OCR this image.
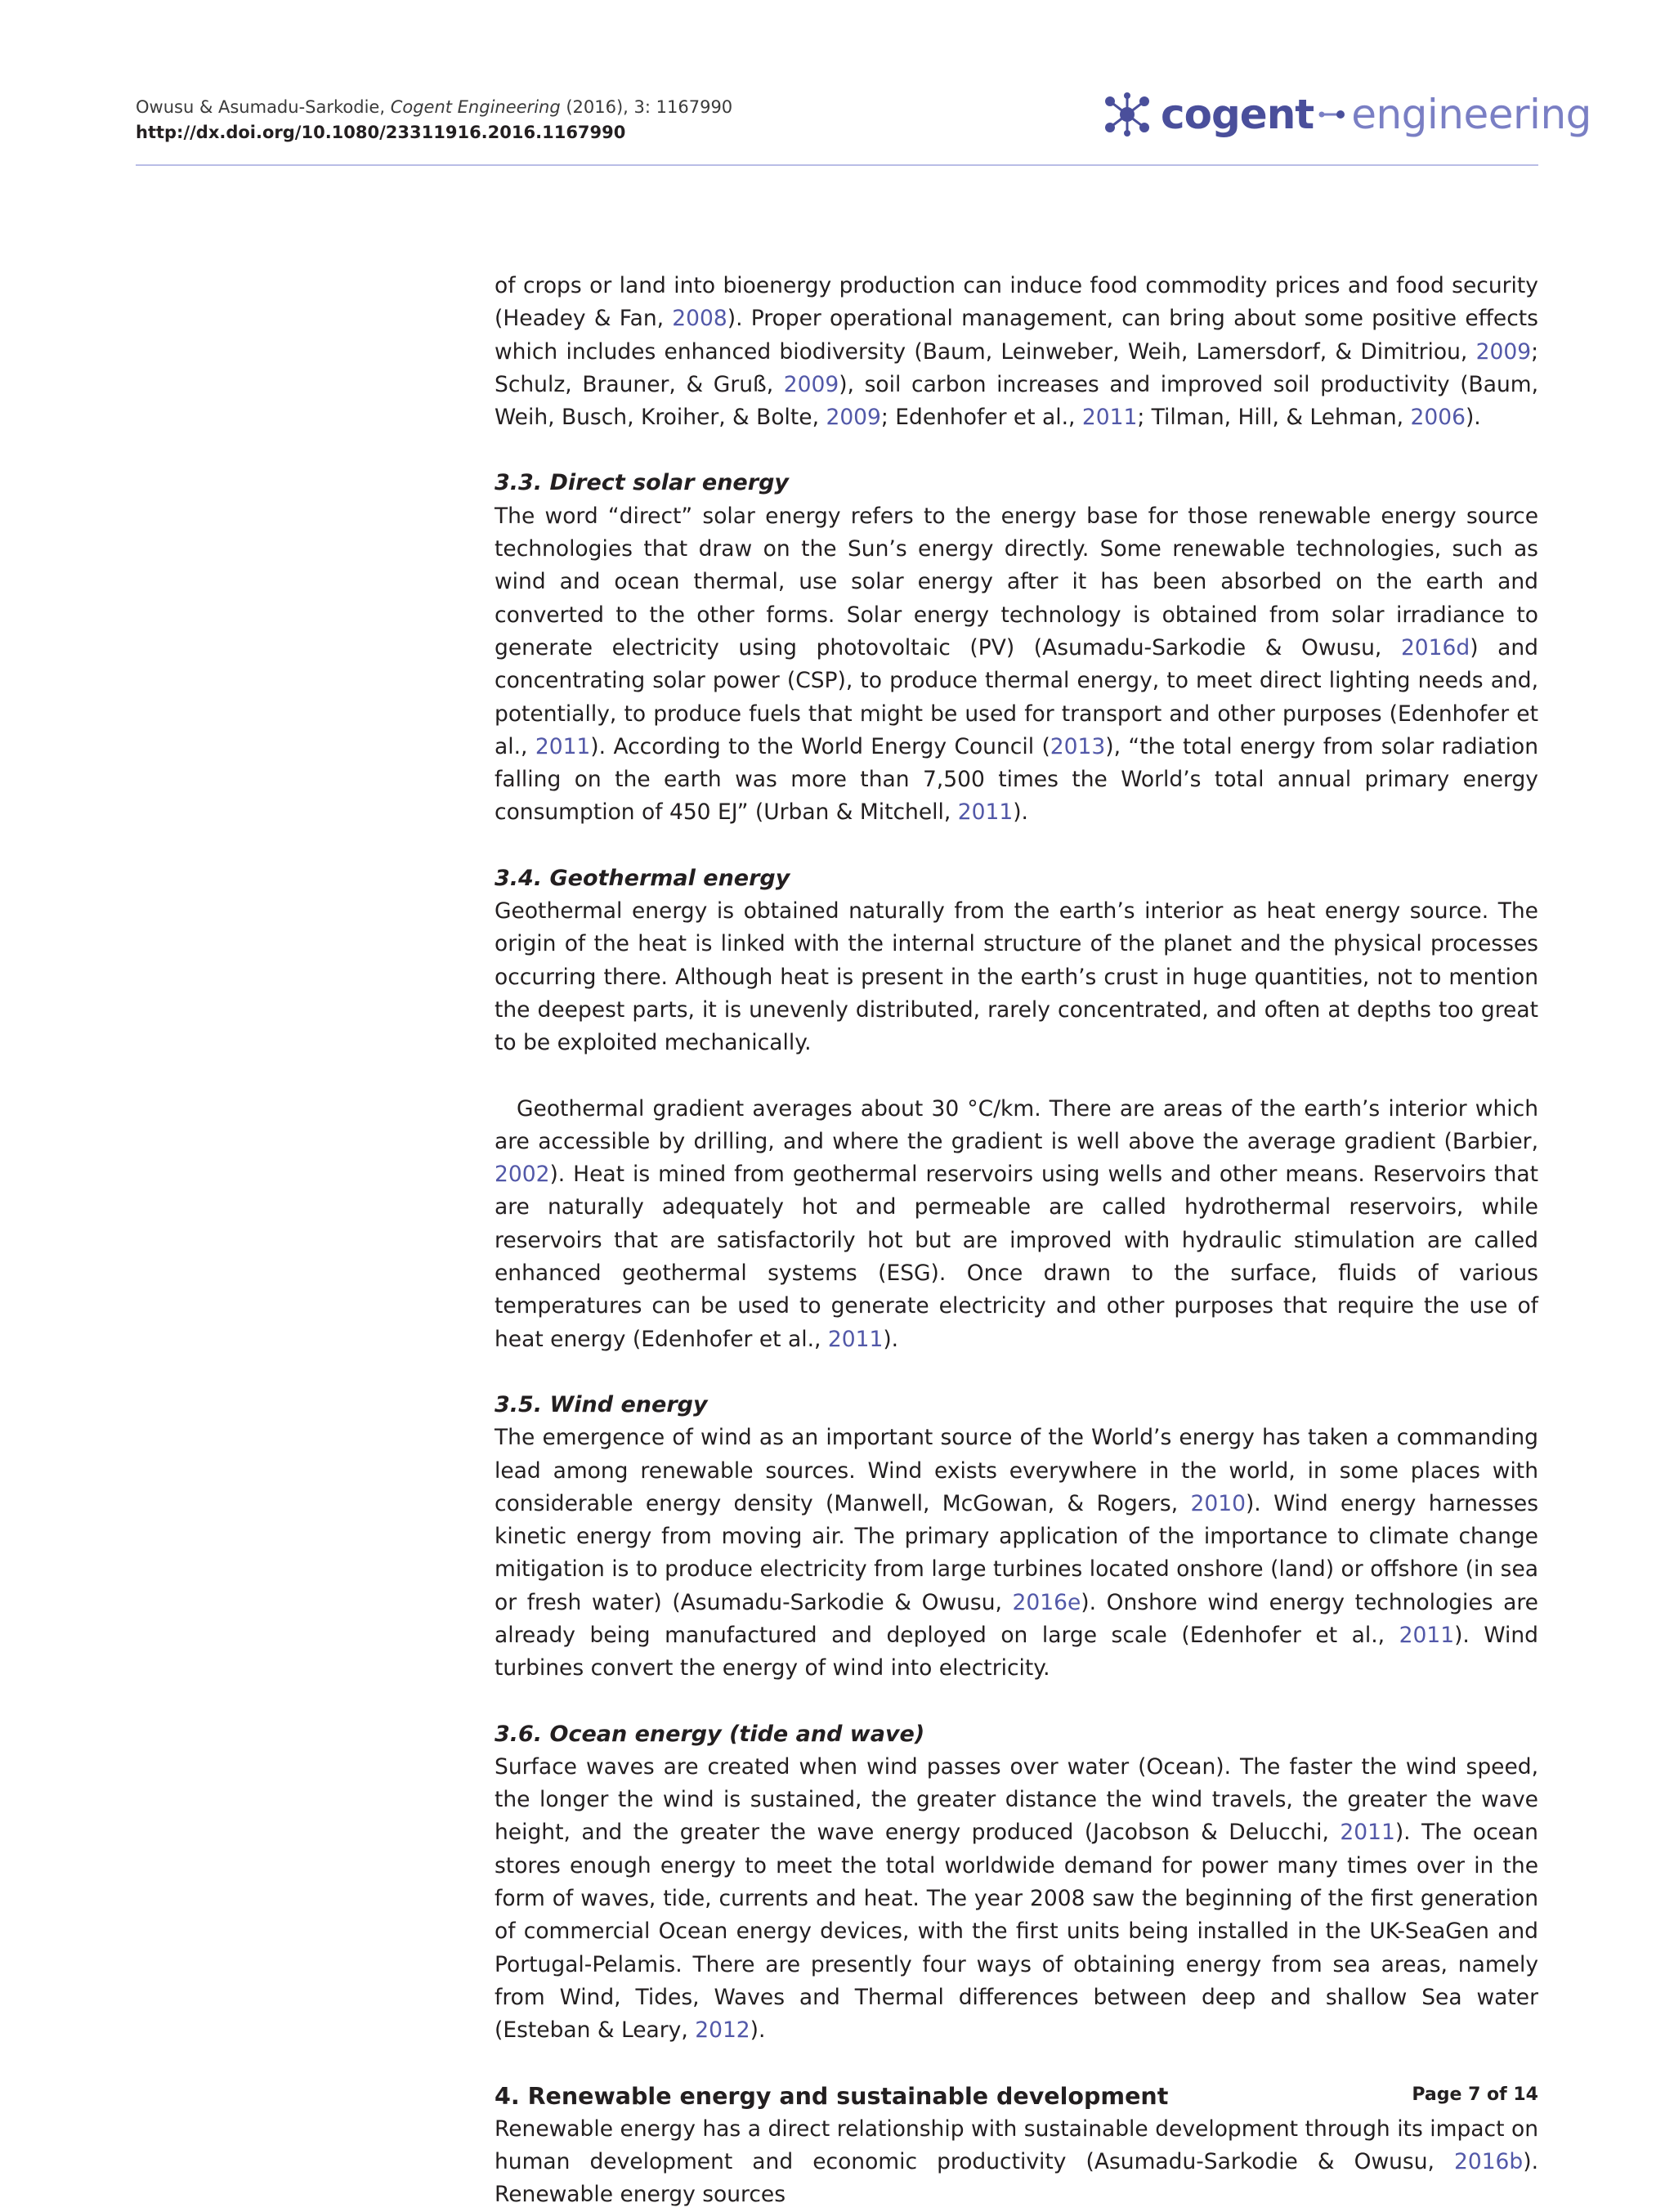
Owusu & Asumadu-Sarkodie, Cogent Engineering (2016), 3: 1167990
http://dx.doi.org/10.1080/23311916.2016.1167990	cogent engineering

of crops or land into bioenergy production can induce food commodity prices and food security (Headey & Fan, 2008). Proper operational management, can bring about some positive effects which includes enhanced biodiversity (Baum, Leinweber, Weih, Lamersdorf, & Dimitriou, 2009; Schulz, Brauner, & Gruß, 2009), soil carbon increases and improved soil productivity (Baum, Weih, Busch, Kroiher, & Bolte, 2009; Edenhofer et al., 2011; Tilman, Hill, & Lehman, 2006).

3.3. Direct solar energy

The word “direct” solar energy refers to the energy base for those renewable energy source technologies that draw on the Sun’s energy directly. Some renewable technologies, such as wind and ocean thermal, use solar energy after it has been absorbed on the earth and converted to the other forms. Solar energy technology is obtained from solar irradiance to generate electricity using photovoltaic (PV) (Asumadu-Sarkodie & Owusu, 2016d) and concentrating solar power (CSP), to produce thermal energy, to meet direct lighting needs and, potentially, to produce fuels that might be used for transport and other purposes (Edenhofer et al., 2011). According to the World Energy Council (2013), “the total energy from solar radiation falling on the earth was more than 7,500 times the World’s total annual primary energy consumption of 450 EJ” (Urban & Mitchell, 2011).

3.4. Geothermal energy

Geothermal energy is obtained naturally from the earth’s interior as heat energy source. The origin of the heat is linked with the internal structure of the planet and the physical processes occurring there. Although heat is present in the earth’s crust in huge quantities, not to mention the deepest parts, it is unevenly distributed, rarely concentrated, and often at depths too great to be exploited mechanically.

Geothermal gradient averages about 30 °C/km. There are areas of the earth’s interior which are accessible by drilling, and where the gradient is well above the average gradient (Barbier, 2002). Heat is mined from geothermal reservoirs using wells and other means. Reservoirs that are naturally adequately hot and permeable are called hydrothermal reservoirs, while reservoirs that are satisfactorily hot but are improved with hydraulic stimulation are called enhanced geothermal systems (ESG). Once drawn to the surface, fluids of various temperatures can be used to generate electricity and other purposes that require the use of heat energy (Edenhofer et al., 2011).

3.5. Wind energy

The emergence of wind as an important source of the World’s energy has taken a commanding lead among renewable sources. Wind exists everywhere in the world, in some places with considerable energy density (Manwell, McGowan, & Rogers, 2010). Wind energy harnesses kinetic energy from moving air. The primary application of the importance to climate change mitigation is to produce electricity from large turbines located onshore (land) or offshore (in sea or fresh water) (Asumadu-Sarkodie & Owusu, 2016e). Onshore wind energy technologies are already being manufactured and deployed on large scale (Edenhofer et al., 2011). Wind turbines convert the energy of wind into electricity.

3.6. Ocean energy (tide and wave)

Surface waves are created when wind passes over water (Ocean). The faster the wind speed, the longer the wind is sustained, the greater distance the wind travels, the greater the wave height, and the greater the wave energy produced (Jacobson & Delucchi, 2011). The ocean stores enough energy to meet the total worldwide demand for power many times over in the form of waves, tide, currents and heat. The year 2008 saw the beginning of the first generation of commercial Ocean energy devices, with the first units being installed in the UK-SeaGen and Portugal-Pelamis. There are presently four ways of obtaining energy from sea areas, namely from Wind, Tides, Waves and Thermal differences between deep and shallow Sea water (Esteban & Leary, 2012).

4. Renewable energy and sustainable development

Renewable energy has a direct relationship with sustainable development through its impact on human development and economic productivity (Asumadu-Sarkodie & Owusu, 2016b). Renewable energy sources

Page 7 of 14
